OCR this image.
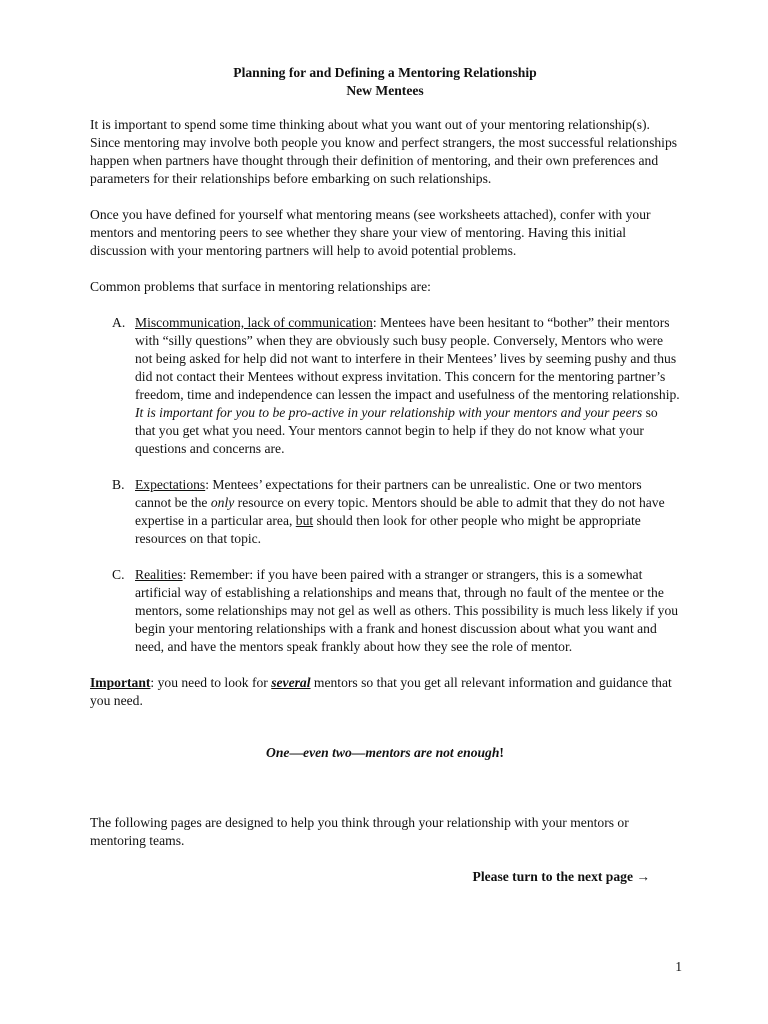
Planning for and Defining a Mentoring Relationship
New Mentees

It is important to spend some time thinking about what you want out of your mentoring relationship(s). Since mentoring may involve both people you know and perfect strangers, the most successful relationships happen when partners have thought through their definition of mentoring, and their own preferences and parameters for their relationships before embarking on such relationships.

Once you have defined for yourself what mentoring means (see worksheets attached), confer with your mentors and mentoring peers to see whether they share your view of mentoring. Having this initial discussion with your mentoring partners will help to avoid potential problems.

Common problems that surface in mentoring relationships are:

A. Miscommunication, lack of communication: Mentees have been hesitant to “bother” their mentors with “silly questions” when they are obviously such busy people. Conversely, Mentors who were not being asked for help did not want to interfere in their Mentees’ lives by seeming pushy and thus did not contact their Mentees without express invitation. This concern for the mentoring partner’s freedom, time and independence can lessen the impact and usefulness of the mentoring relationship. It is important for you to be pro-active in your relationship with your mentors and your peers so that you get what you need. Your mentors cannot begin to help if they do not know what your questions and concerns are.
B. Expectations: Mentees’ expectations for their partners can be unrealistic. One or two mentors cannot be the only resource on every topic. Mentors should be able to admit that they do not have expertise in a particular area, but should then look for other people who might be appropriate resources on that topic.
C. Realities: Remember: if you have been paired with a stranger or strangers, this is a somewhat artificial way of establishing a relationships and means that, through no fault of the mentee or the mentors, some relationships may not gel as well as others. This possibility is much less likely if you begin your mentoring relationships with a frank and honest discussion about what you want and need, and have the mentors speak frankly about how they see the role of mentor.

Important: you need to look for several mentors so that you get all relevant information and guidance that you need.

One—even two—mentors are not enough!

The following pages are designed to help you think through your relationship with your mentors or mentoring teams.

Please turn to the next page →
1
